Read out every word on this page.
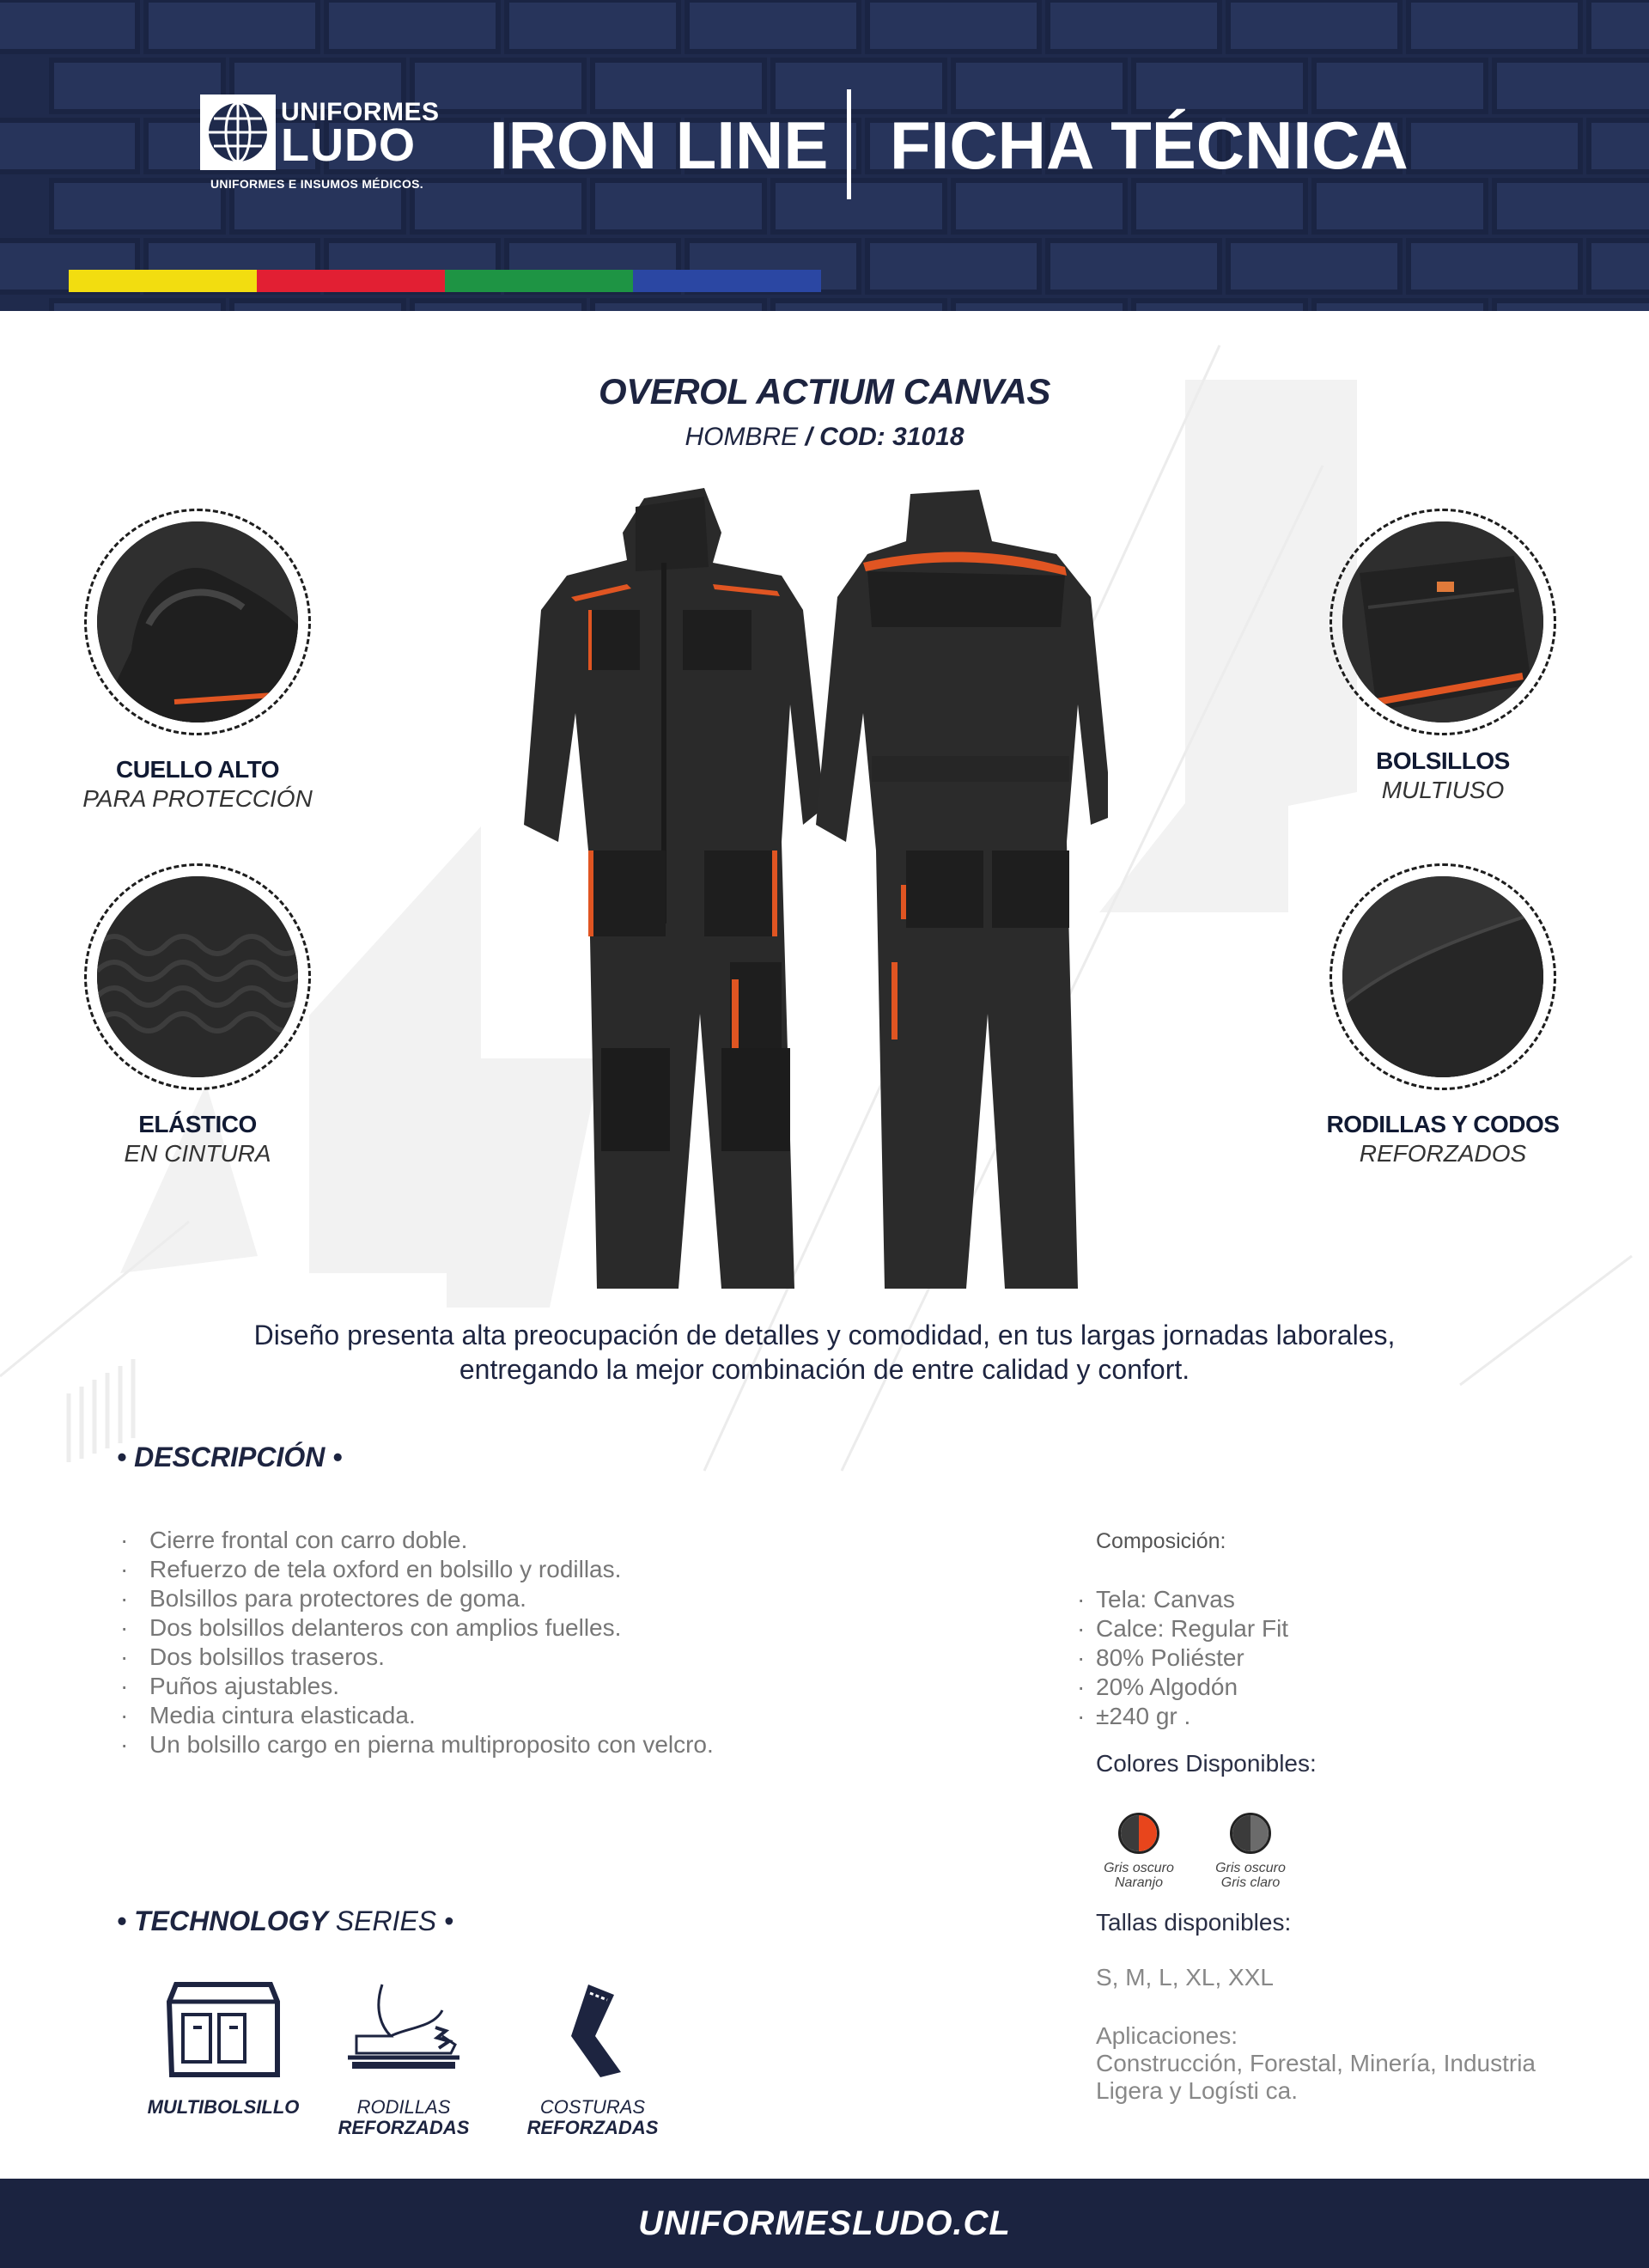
UNIFORMES
LUDO
UNIFORMES E INSUMOS MÉDICOS.
IRON LINE FICHA TÉCNICA
OVEROL ACTIUM CANVAS
HOMBRE / COD: 31018
CUELLO ALTO
PARA PROTECCIÓN
ELÁSTICO
EN CINTURA
BOLSILLOS
MULTIUSO
RODILLAS Y CODOS
REFORZADOS
Diseño presenta alta preocupación de detalles y comodidad, en tus largas jornadas laborales,
entregando la mejor combinación de entre calidad y confort.
• DESCRIPCIÓN •
· Cierre frontal con carro doble.
· Refuerzo de tela oxford en bolsillo y rodillas.
· Bolsillos para protectores de goma.
· Dos bolsillos delanteros con amplios fuelles.
· Dos bolsillos traseros.
· Puños ajustables.
· Media cintura elasticada.
· Un bolsillo cargo en pierna multiproposito con velcro.
Composición:
· Tela: Canvas
· Calce: Regular Fit
· 80% Poliéster
· 20% Algodón
· ±240 gr .
Colores Disponibles:
Gris oscuro
Naranjo
Gris oscuro
Gris claro
Tallas disponibles:
S, M, L, XL, XXL
Aplicaciones:
Construcción, Forestal, Minería, Industria
Ligera y Logísti ca.
• TECHNOLOGY SERIES •
MULTIBOLSILLO	RODILLAS
REFORZADAS
COSTURAS
REFORZADAS
UNIFORMESLUDO.CL
